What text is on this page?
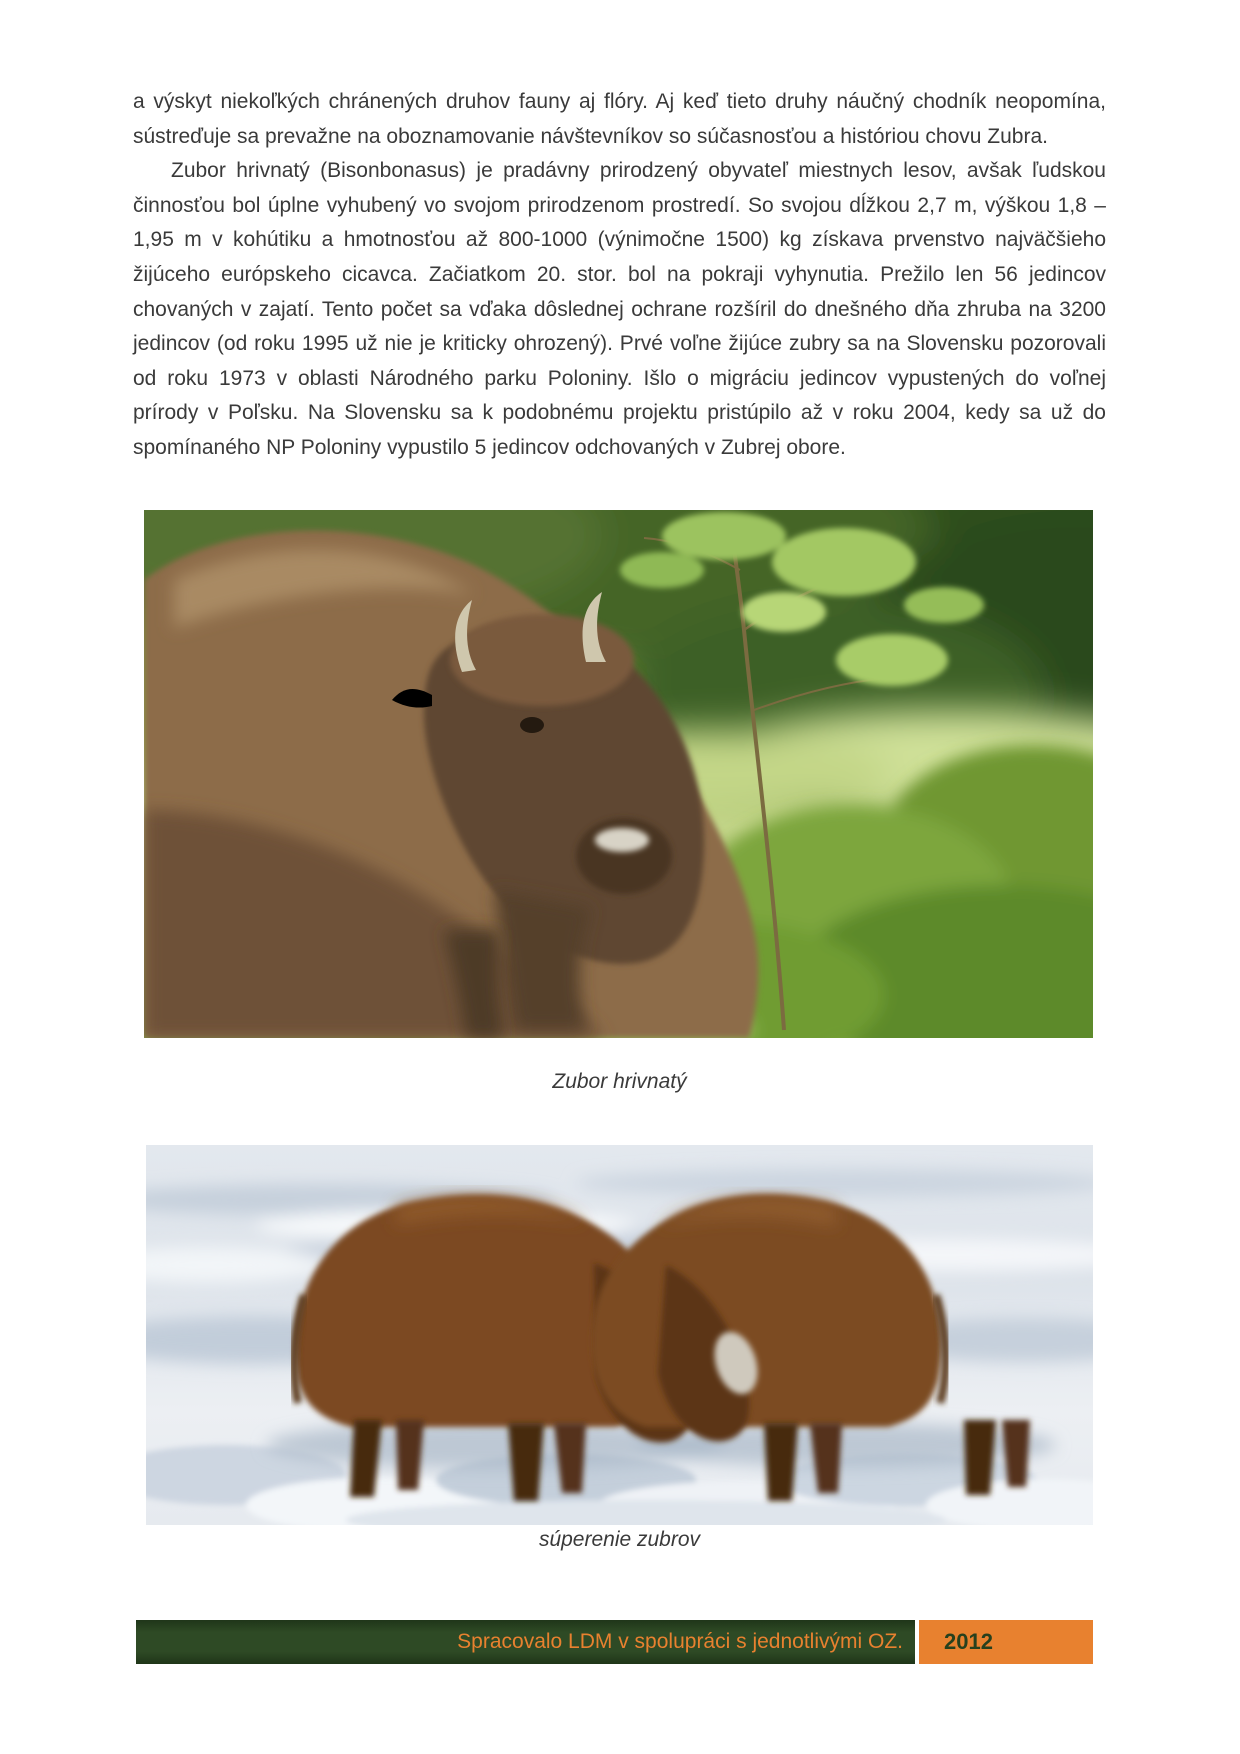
a výskyt niekoľkých chránených druhov fauny aj flóry. Aj keď tieto druhy náučný chodník neopomína, sústreďuje sa prevažne na oboznamovanie návštevníkov so súčasnosťou a históriou chovu Zubra.

Zubor hrivnatý (Bisonbonasus) je pradávny prirodzený obyvateľ miestnych lesov, avšak ľudskou činnosťou bol úplne vyhubený vo svojom prirodzenom prostredí. So svojou dĺžkou 2,7 m, výškou 1,8 – 1,95 m v kohútiku a hmotnosťou až 800-1000 (výnimočne 1500) kg získava prvenstvo najväčšieho žijúceho európskeho cicavca. Začiatkom 20. stor. bol na pokraji vyhynutia. Prežilo len 56 jedincov chovaných v zajatí. Tento počet sa vďaka dôslednej ochrane rozšíril do dnešného dňa zhruba na 3200 jedincov (od roku 1995 už nie je kriticky ohrozený). Prvé voľne žijúce zubry sa na Slovensku pozorovali od roku 1973 v oblasti Národného parku Poloniny. Išlo o migráciu jedincov vypustených do voľnej prírody v Poľsku. Na Slovensku sa k podobnému projektu pristúpilo až v roku 2004, kedy sa už do spomínaného NP Poloniny vypustilo 5 jedincov odchovaných v Zubrej obore.

Zubor hrivnatý
súperenie zubrov
Spracovalo LDM v spolupráci s jednotlivými OZ.	2012
